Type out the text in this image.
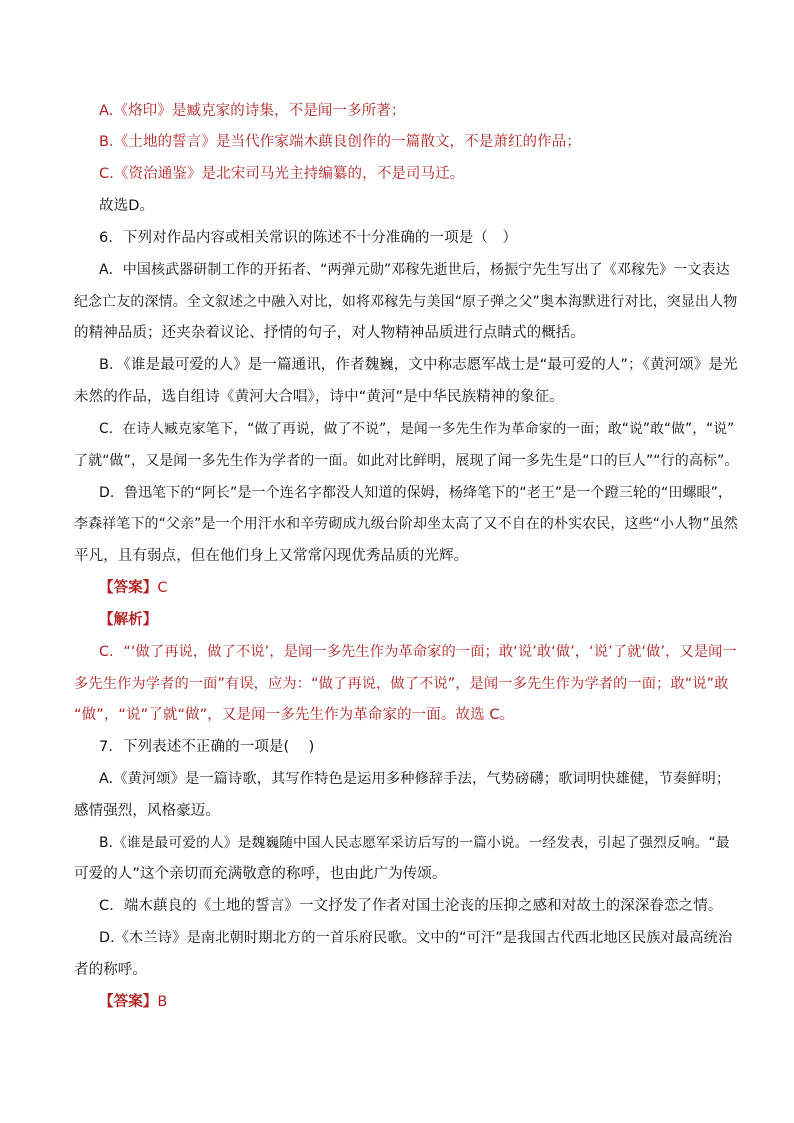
A.《烙印》是臧克家的诗集，不是闻一多所著；
B.《土地的誓言》是当代作家端木蕻良创作的一篇散文，不是萧红的作品；
C.《资治通鉴》是北宋司马光主持编纂的，不是司马迁。
故选D。
6．下列对作品内容或相关常识的陈述不十分准确的一项是（　）
A．中国核武器研制工作的开拓者、“两弹元勋”邓稼先逝世后，杨振宁先生写出了《邓稼先》一文表达
纪念亡友的深情。全文叙述之中融入对比，如将邓稼先与美国“原子弹之父”奥本海默进行对比，突显出人物
的精神品质；还夹杂着议论、抒情的句子，对人物精神品质进行点睛式的概括。
B．《谁是最可爱的人》是一篇通讯，作者魏巍，文中称志愿军战士是“最可爱的人”；《黄河颂》是光
未然的作品，选自组诗《黄河大合唱》，诗中“黄河”是中华民族精神的象征。
C．在诗人臧克家笔下，“做了再说，做了不说”，是闻一多先生作为革命家的一面；敢“说”敢“做”，“说”
了就“做”，又是闻一多先生作为学者的一面。如此对比鲜明，展现了闻一多先生是“口的巨人”“行的高标”。
D．鲁迅笔下的“阿长”是一个连名字都没人知道的保姆，杨绛笔下的“老王”是一个蹬三轮的“田螺眼”，
李森祥笔下的“父亲”是一个用汗水和辛劳砌成九级台阶却坐太高了又不自在的朴实农民，这些“小人物”虽然
平凡，且有弱点，但在他们身上又常常闪现优秀品质的光辉。
【答案】C
【解析】
C．“‘做了再说，做了不说’，是闻一多先生作为革命家的一面；敢‘说’敢‘做’，‘说’了就‘做’，又是闻一
多先生作为学者的一面”有误，应为：“做了再说，做了不说”，是闻一多先生作为学者的一面；敢“说”敢
“做”，“说”了就“做”，又是闻一多先生作为革命家的一面。故选 C。
7．下列表述不正确的一项是(　 )
A.《黄河颂》是一篇诗歌，其写作特色是运用多种修辞手法，气势磅礴；歌词明快雄健，节奏鲜明；
感情强烈，风格豪迈。
B.《谁是最可爱的人》是魏巍随中国人民志愿军采访后写的一篇小说。一经发表，引起了强烈反响。“最
可爱的人”这个亲切而充满敬意的称呼，也由此广为传颂。
C．端木蕻良的《土地的誓言》一文抒发了作者对国土沦丧的压抑之感和对故土的深深眷恋之情。
D.《木兰诗》是南北朝时期北方的一首乐府民歌。文中的“可汗”是我国古代西北地区民族对最高统治
者的称呼。
【答案】B
